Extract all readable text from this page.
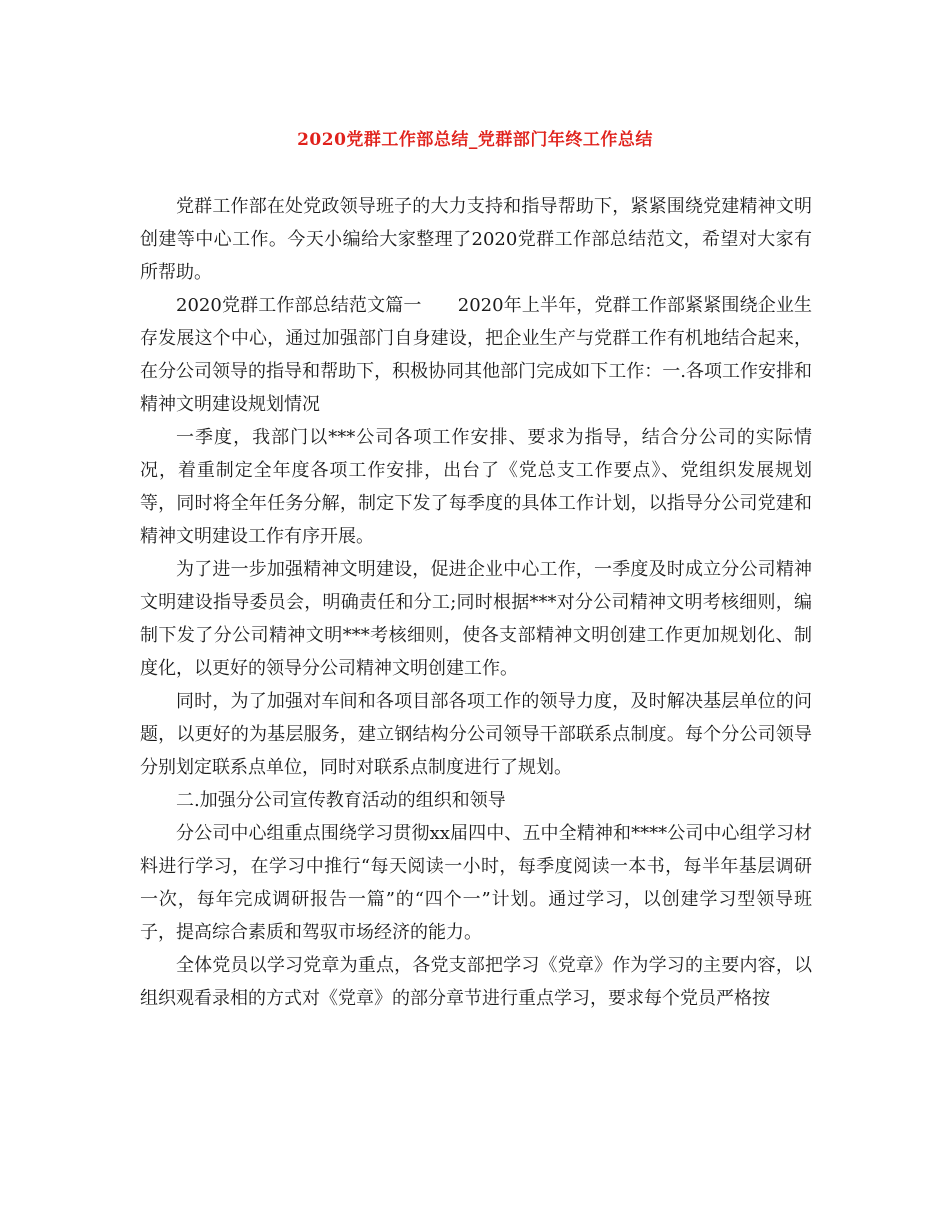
2020党群工作部总结_党群部门年终工作总结

党群工作部在处党政领导班子的大力支持和指导帮助下，紧紧围绕党建精神文明创建等中心工作。今天小编给大家整理了2020党群工作部总结范文，希望对大家有所帮助。

2020党群工作部总结范文篇一　　2020年上半年，党群工作部紧紧围绕企业生存发展这个中心，通过加强部门自身建设，把企业生产与党群工作有机地结合起来，在分公司领导的指导和帮助下，积极协同其他部门完成如下工作：一.各项工作安排和精神文明建设规划情况

一季度，我部门以***公司各项工作安排、要求为指导，结合分公司的实际情况，着重制定全年度各项工作安排，出台了《党总支工作要点》、党组织发展规划等，同时将全年任务分解，制定下发了每季度的具体工作计划，以指导分公司党建和精神文明建设工作有序开展。

为了进一步加强精神文明建设，促进企业中心工作，一季度及时成立分公司精神文明建设指导委员会，明确责任和分工;同时根据***对分公司精神文明考核细则，编制下发了分公司精神文明***考核细则，使各支部精神文明创建工作更加规划化、制度化，以更好的领导分公司精神文明创建工作。

同时，为了加强对车间和各项目部各项工作的领导力度，及时解决基层单位的问题，以更好的为基层服务，建立钢结构分公司领导干部联系点制度。每个分公司领导分别划定联系点单位，同时对联系点制度进行了规划。

二.加强分公司宣传教育活动的组织和领导

分公司中心组重点围绕学习贯彻xx届四中、五中全精神和****公司中心组学习材料进行学习，在学习中推行“每天阅读一小时，每季度阅读一本书，每半年基层调研一次，每年完成调研报告一篇”的“四个一”计划。通过学习，以创建学习型领导班子，提高综合素质和驾驭市场经济的能力。

全体党员以学习党章为重点，各党支部把学习《党章》作为学习的主要内容，以组织观看录相的方式对《党章》的部分章节进行重点学习，要求每个党员严格按
